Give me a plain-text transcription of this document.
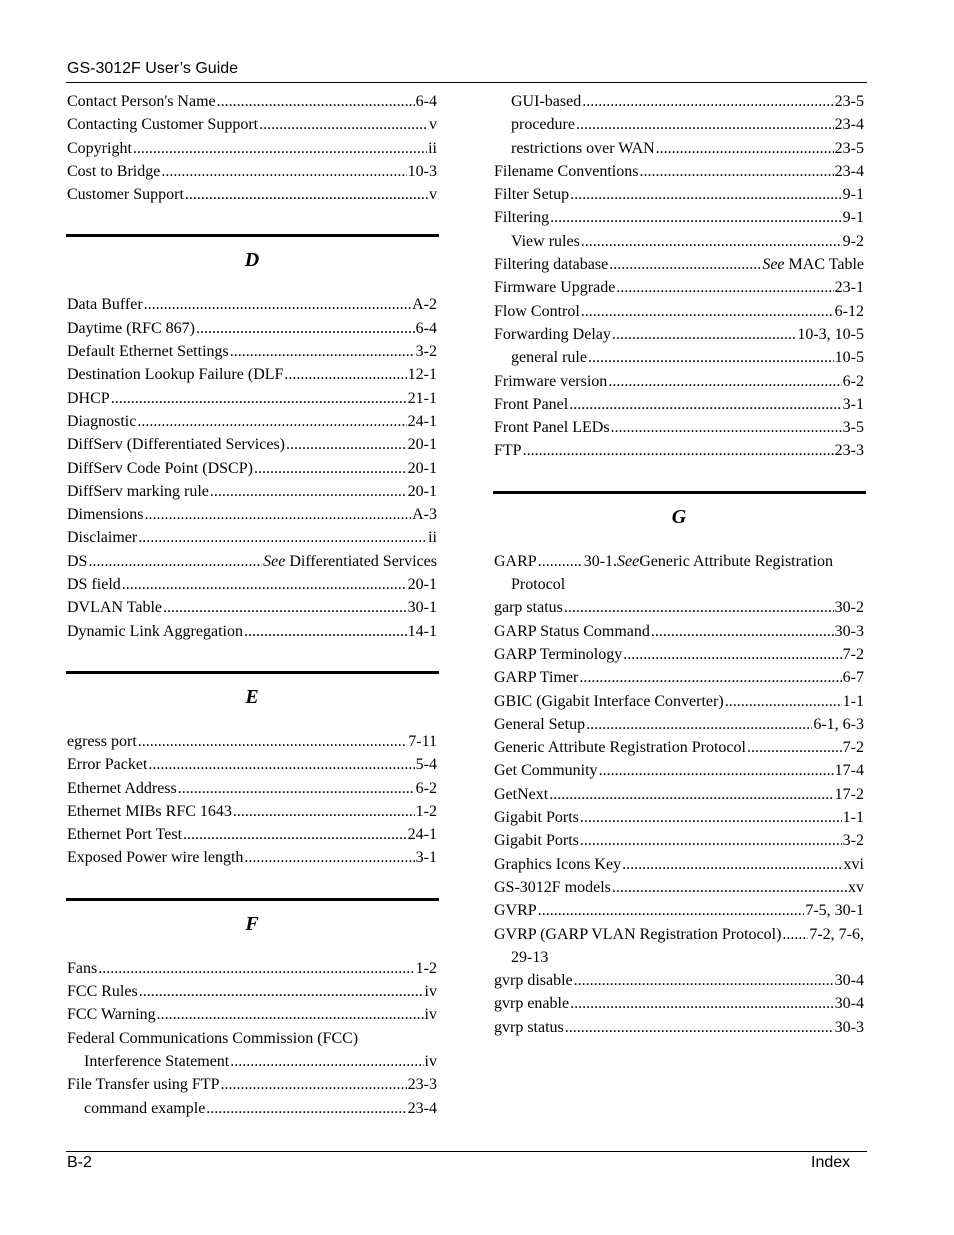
GS-3012F User’s Guide
Contact Person's Name .....	6-4
Contacting Customer Support .....	v
Copyright .....	ii
Cost to Bridge .....	10-3
Customer Support .....	v
D
Data Buffer .....	A-2
Daytime (RFC 867) .....	6-4
Default Ethernet Settings .....	3-2
Destination Lookup Failure (DLF .....	12-1
DHCP .....	21-1
Diagnostic .....	24-1
DiffServ (Differentiated Services) .....	20-1
DiffServ Code Point (DSCP) .....	20-1
DiffServ marking rule .....	20-1
Dimensions .....	A-3
Disclaimer .....	ii
DS .....	See
Differentiated Services
DS field .....	20-1
DVLAN Table .....	30-1
Dynamic Link Aggregation .....	14-1
E
egress port .....	7-11
Error Packet .....	5-4
Ethernet Address .....	6-2
Ethernet MIBs RFC 1643 .....	1-2
Ethernet Port Test .....	24-1
Exposed Power wire length .....	3-1
F
Fans .....	1-2
FCC Rules .....	iv
FCC Warning .....	iv
Federal Communications Commission (FCC)
Interference Statement .....	iv
File Transfer using FTP .....	23-3
command example .....	23-4
GUI-based .....	23-5
procedure .....	23-4
restrictions over WAN .....	23-5
Filename Conventions .....	23-4
Filter Setup .....	9-1
Filtering .....	9-1
View rules .....	9-2
Filtering database .....	See
MAC Table
Firmware Upgrade .....	23-1
Flow Control .....	6-12
Forwarding Delay .....	10-3, 10-5
general rule .....	10-5
Frimware version .....	6-2
Front Panel .....	3-1
Front Panel LEDs .....	3-5
FTP .....	23-3
G
GARP .....	30-1. See Generic Attribute Registration
Protocol
garp status .....	30-2
GARP Status Command .....	30-3
GARP Terminology .....	7-2
GARP Timer .....	6-7
GBIC (Gigabit Interface Converter) .....	1-1
General Setup .....	6-1, 6-3
Generic Attribute Registration Protocol .....	7-2
Get Community .....	17-4
GetNext .....	17-2
Gigabit Ports .....	1-1
Gigabit Ports .....	3-2
Graphics Icons Key .....	xvi
GS-3012F models .....	xv
GVRP .....	7-5, 30-1
GVRP (GARP VLAN Registration Protocol) ..... 7-2, 7-6,
29-13
gvrp disable .....	30-4
gvrp enable .....	30-4
gvrp status .....	30-3
B-2	Index
